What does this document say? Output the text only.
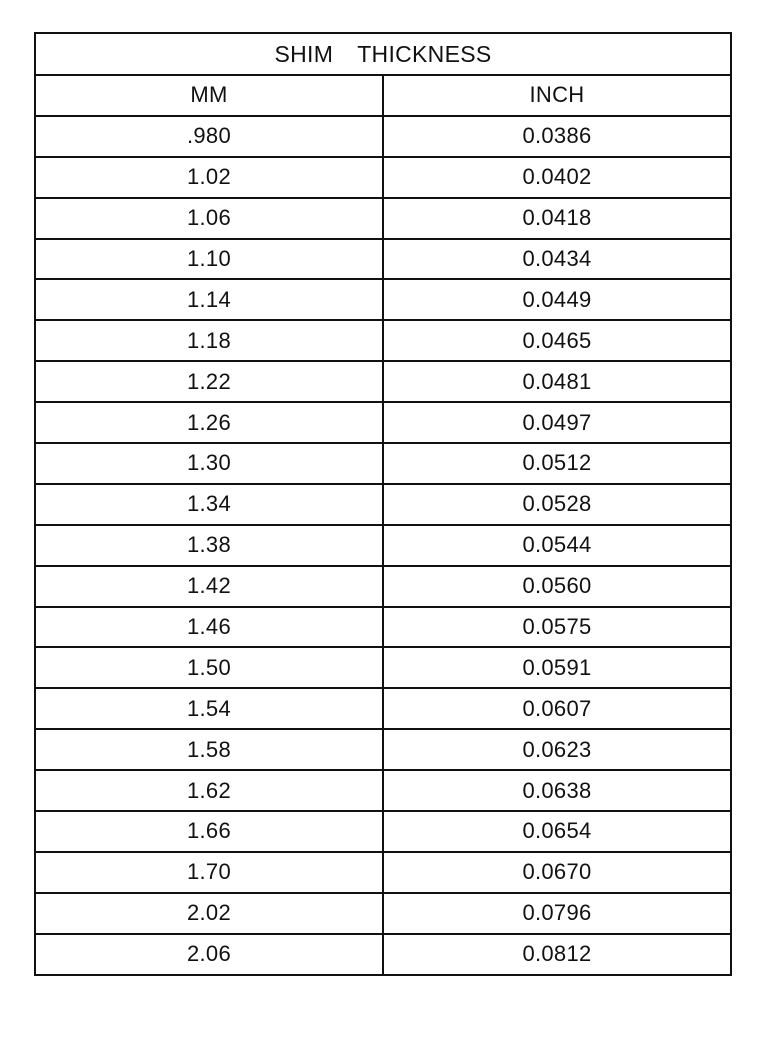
SHIM THICKNESS	
MM	INCH
.980	0.0386
1.02	0.0402
1.06	0.0418
1.10	0.0434
1.14	0.0449
1.18	0.0465
1.22	0.0481
1.26	0.0497
1.30	0.0512
1.34	0.0528
1.38	0.0544
1.42	0.0560
1.46	0.0575
1.50	0.0591
1.54	0.0607
1.58	0.0623
1.62	0.0638
1.66	0.0654
1.70	0.0670
2.02	0.0796
2.06	0.0812
